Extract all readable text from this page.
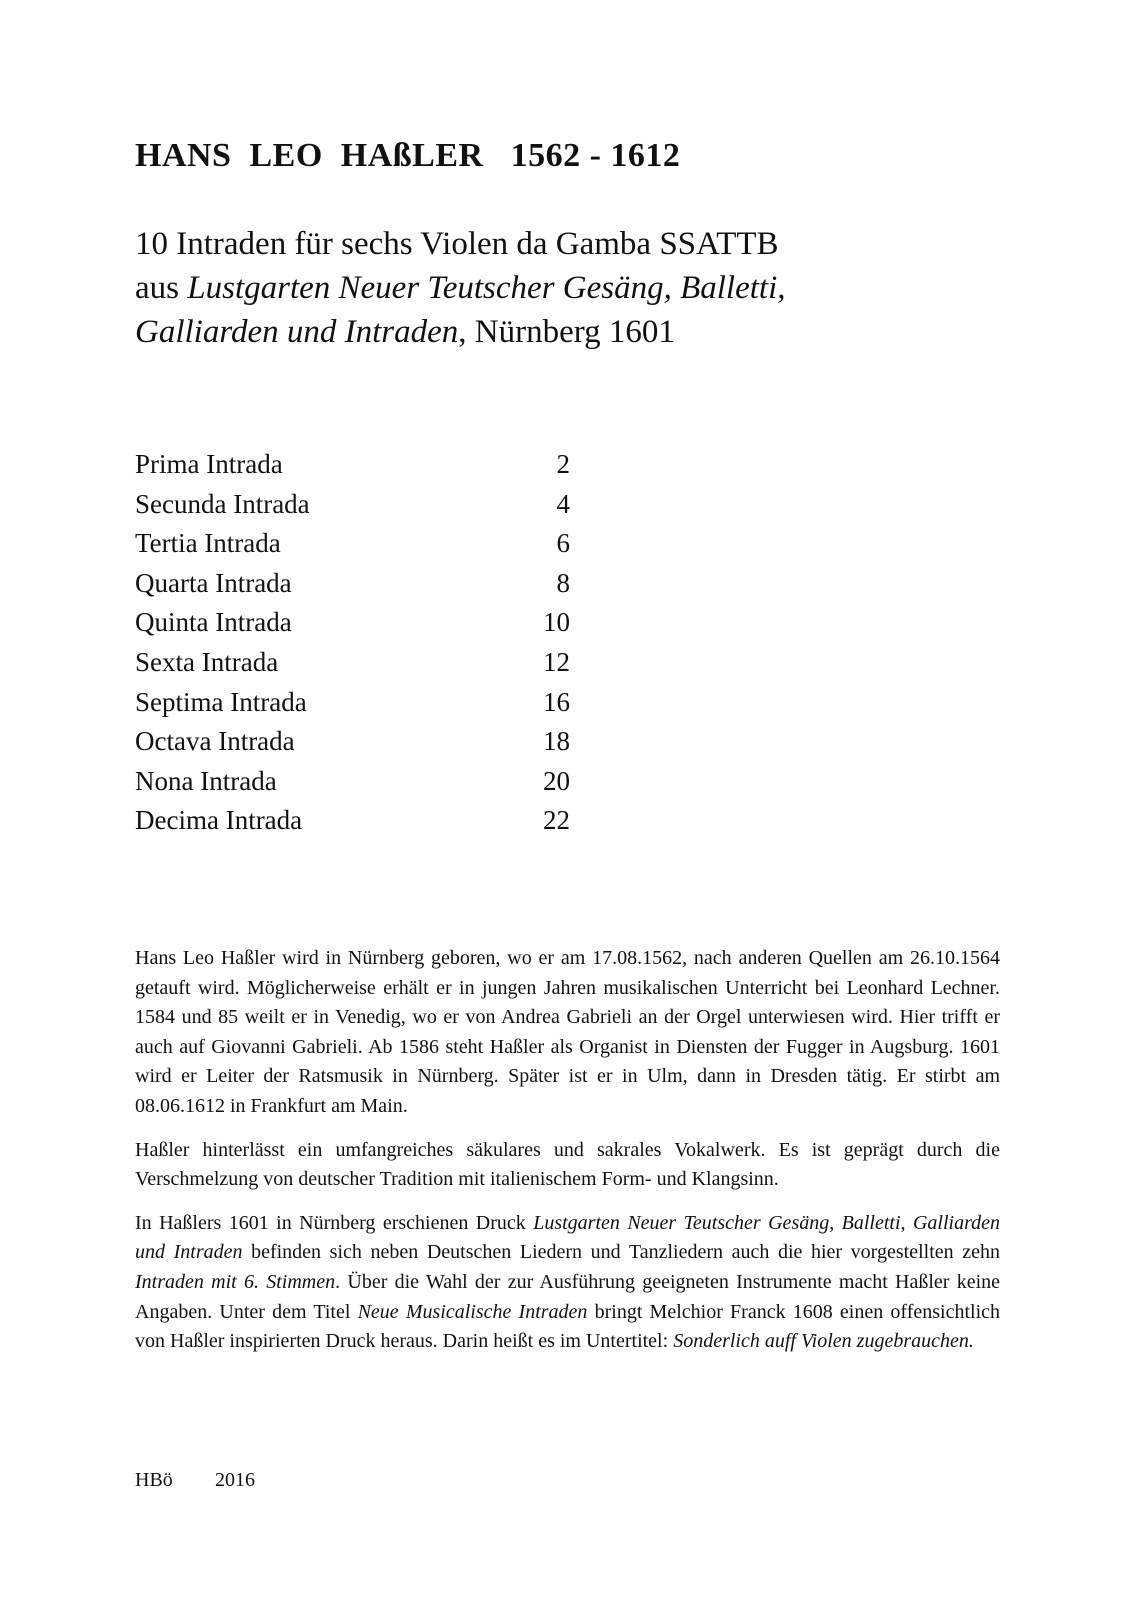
HANS  LEO  HAßLER   1562 - 1612
10 Intraden für sechs Violen da Gamba SSATTB
aus Lustgarten Neuer Teutscher Gesäng, Balletti,
Galliarden und Intraden, Nürnberg 1601
Prima Intrada	2
Secunda Intrada	4
Tertia Intrada	6
Quarta Intrada	8
Quinta Intrada	10
Sexta Intrada	12
Septima Intrada	16
Octava Intrada	18
Nona Intrada	20
Decima Intrada	22

Hans Leo Haßler wird in Nürnberg geboren, wo er am 17.08.1562, nach anderen Quellen am 26.10.1564 getauft wird. Möglicherweise erhält er in jungen Jahren musikalischen Unterricht bei Leonhard Lechner. 1584 und 85 weilt er in Venedig, wo er von Andrea Gabrieli an der Orgel unterwiesen wird. Hier trifft er auch auf Giovanni Gabrieli. Ab 1586 steht Haßler als Organist in Diensten der Fugger in Augsburg. 1601 wird er Leiter der Ratsmusik in Nürnberg. Später ist er in Ulm, dann in Dresden tätig. Er stirbt am 08.06.1612 in Frankfurt am Main.

Haßler hinterlässt ein umfangreiches säkulares und sakrales Vokalwerk. Es ist geprägt durch die Verschmelzung von deutscher Tradition mit italienischem Form- und Klangsinn.

In Haßlers 1601 in Nürnberg erschienen Druck Lustgarten Neuer Teutscher Gesäng, Balletti, Galliarden und Intraden befinden sich neben Deutschen Liedern und Tanzliedern auch die hier vorgestellten zehn Intraden mit 6. Stimmen. Über die Wahl der zur Ausführung geeigneten Instrumente macht Haßler keine Angaben. Unter dem Titel Neue Musicalische Intraden bringt Melchior Franck 1608 einen offensichtlich von Haßler inspirierten Druck heraus. Darin heißt es im Untertitel: Sonderlich auff Violen zugebrauchen.

HBö 2016
